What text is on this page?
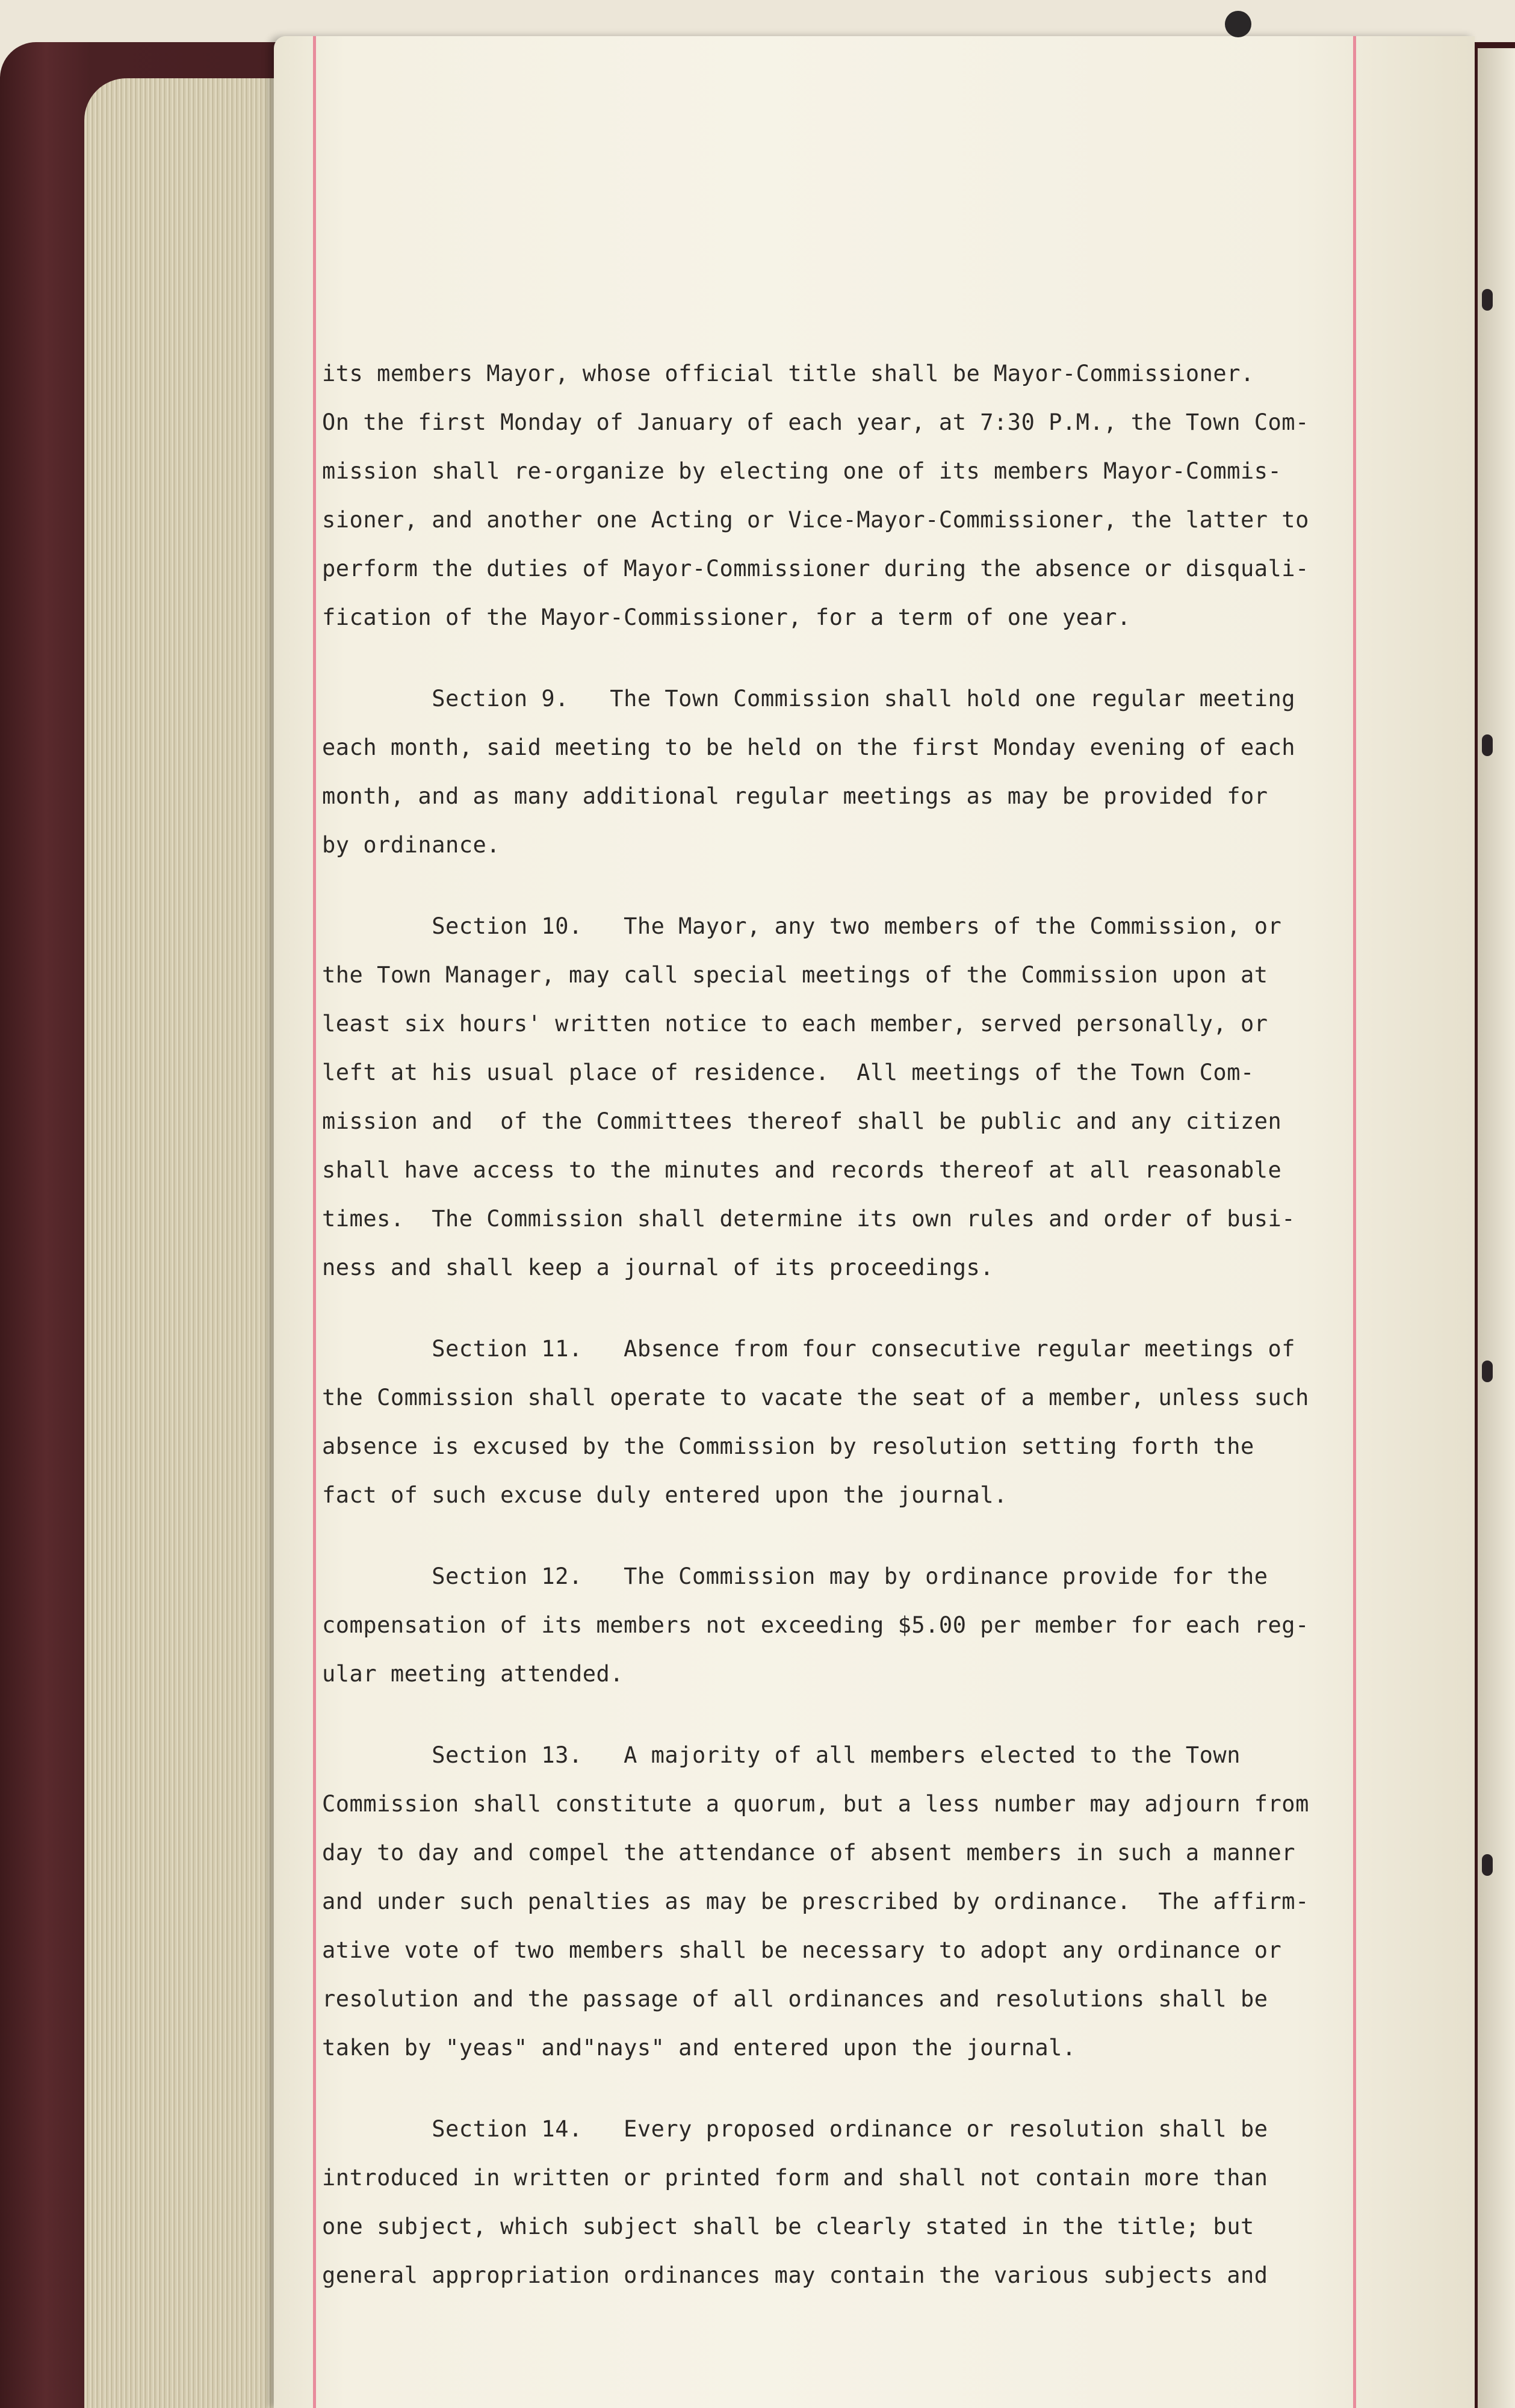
its members Mayor, whose official title shall be Mayor-Commissioner.
On the first Monday of January of each year, at 7:30 P.M., the Town Com-
mission shall re-organize by electing one of its members Mayor-Commis-
sioner, and another one Acting or Vice-Mayor-Commissioner, the latter to
perform the duties of Mayor-Commissioner during the absence or disquali-
fication of the Mayor-Commissioner, for a term of one year.
Section 9.   The Town Commission shall hold one regular meeting
each month, said meeting to be held on the first Monday evening of each
month, and as many additional regular meetings as may be provided for
by ordinance.
Section 10.   The Mayor, any two members of the Commission, or
the Town Manager, may call special meetings of the Commission upon at
least six hours' written notice to each member, served personally, or
left at his usual place of residence.  All meetings of the Town Com-
mission and  of the Committees thereof shall be public and any citizen
shall have access to the minutes and records thereof at all reasonable
times.  The Commission shall determine its own rules and order of busi-
ness and shall keep a journal of its proceedings.
Section 11.   Absence from four consecutive regular meetings of
the Commission shall operate to vacate the seat of a member, unless such
absence is excused by the Commission by resolution setting forth the
fact of such excuse duly entered upon the journal.
Section 12.   The Commission may by ordinance provide for the
compensation of its members not exceeding $5.00 per member for each reg-
ular meeting attended.
Section 13.   A majority of all members elected to the Town
Commission shall constitute a quorum, but a less number may adjourn from
day to day and compel the attendance of absent members in such a manner
and under such penalties as may be prescribed by ordinance.  The affirm-
ative vote of two members shall be necessary to adopt any ordinance or
resolution and the passage of all ordinances and resolutions shall be
taken by "yeas" and"nays" and entered upon the journal.
Section 14.   Every proposed ordinance or resolution shall be
introduced in written or printed form and shall not contain more than
one subject, which subject shall be clearly stated in the title; but
general appropriation ordinances may contain the various subjects and
